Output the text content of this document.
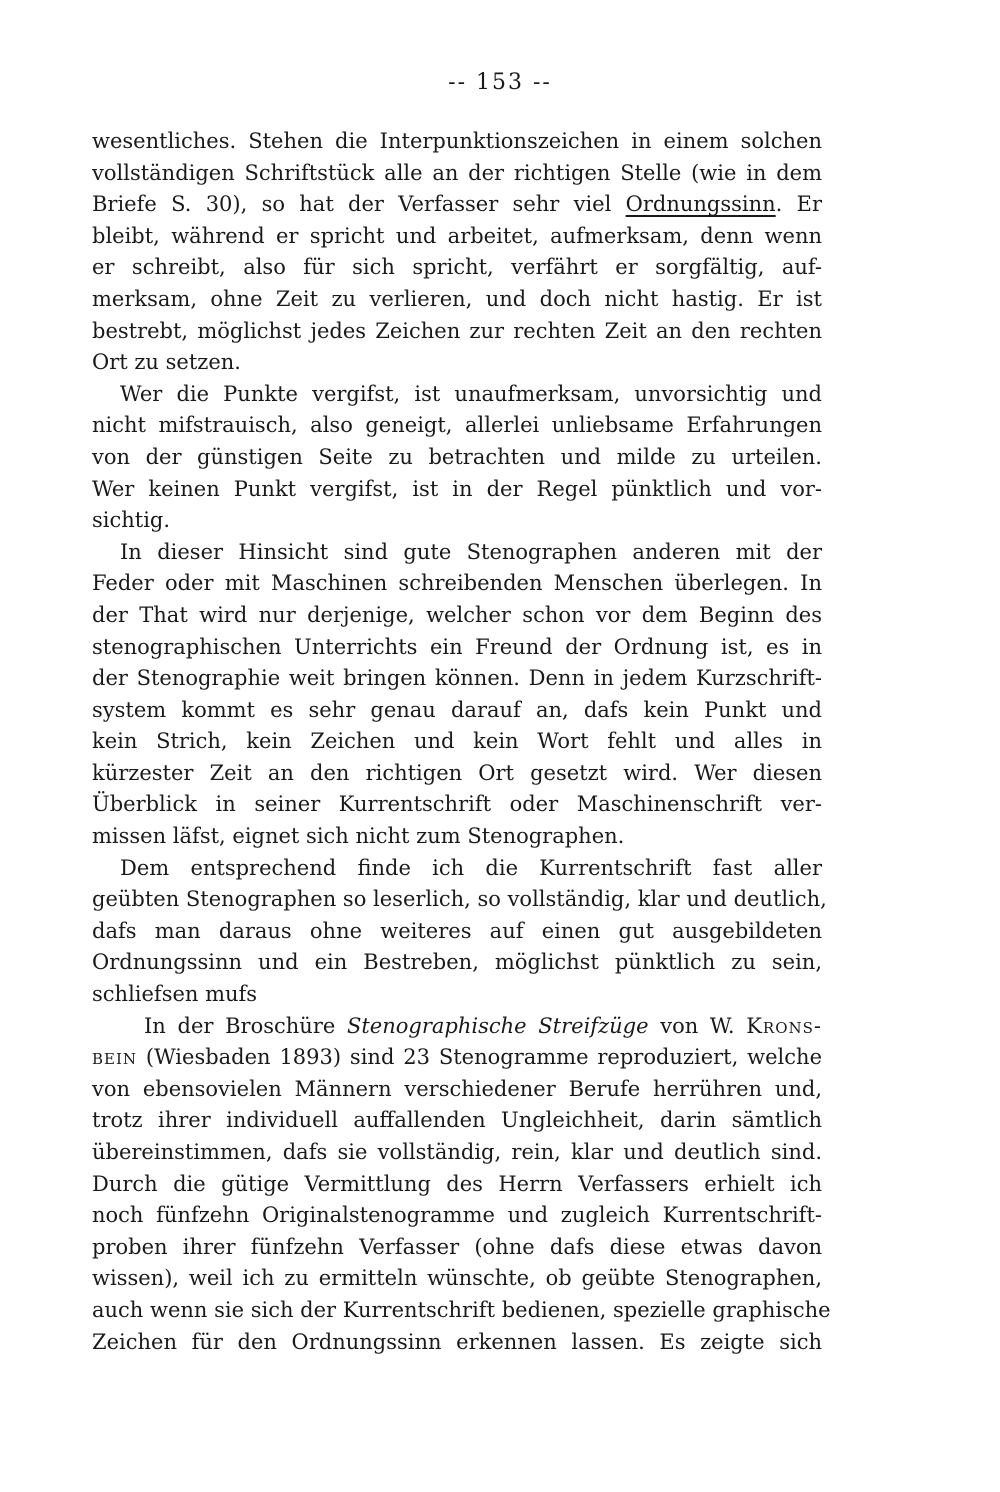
-- 153 --
wesentliches. Stehen die Interpunktionszeichen in einem solchen
vollständigen Schriftstück alle an der richtigen Stelle (wie in dem
Briefe S. 30), so hat der Verfasser sehr viel Ordnungssinn. Er
bleibt, während er spricht und arbeitet, aufmerksam, denn wenn
er schreibt, also für sich spricht, verfährt er sorgfältig, auf-
merksam, ohne Zeit zu verlieren, und doch nicht hastig. Er ist
bestrebt, möglichst jedes Zeichen zur rechten Zeit an den rechten
Ort zu setzen.
Wer die Punkte vergifst, ist unaufmerksam, unvorsichtig und
nicht mifstrauisch, also geneigt, allerlei unliebsame Erfahrungen
von der günstigen Seite zu betrachten und milde zu urteilen.
Wer keinen Punkt vergifst, ist in der Regel pünktlich und vor-
sichtig.
In dieser Hinsicht sind gute Stenographen anderen mit der
Feder oder mit Maschinen schreibenden Menschen überlegen. In
der That wird nur derjenige, welcher schon vor dem Beginn des
stenographischen Unterrichts ein Freund der Ordnung ist, es in
der Stenographie weit bringen können. Denn in jedem Kurzschrift-
system kommt es sehr genau darauf an, dafs kein Punkt und
kein Strich, kein Zeichen und kein Wort fehlt und alles in
kürzester Zeit an den richtigen Ort gesetzt wird. Wer diesen
Überblick in seiner Kurrentschrift oder Maschinenschrift ver-
missen läfst, eignet sich nicht zum Stenographen.
Dem entsprechend finde ich die Kurrentschrift fast aller
geübten Stenographen so leserlich, so vollständig, klar und deutlich,
dafs man daraus ohne weiteres auf einen gut ausgebildeten
Ordnungssinn und ein Bestreben, möglichst pünktlich zu sein,
schliefsen mufs
In der Broschüre Stenographische Streifzüge von W. Krons-
bein (Wiesbaden 1893) sind 23 Stenogramme reproduziert, welche
von ebensovielen Männern verschiedener Berufe herrühren und,
trotz ihrer individuell auffallenden Ungleichheit, darin sämtlich
übereinstimmen, dafs sie vollständig, rein, klar und deutlich sind.
Durch die gütige Vermittlung des Herrn Verfassers erhielt ich
noch fünfzehn Originalstenogramme und zugleich Kurrentschrift-
proben ihrer fünfzehn Verfasser (ohne dafs diese etwas davon
wissen), weil ich zu ermitteln wünschte, ob geübte Stenographen,
auch wenn sie sich der Kurrentschrift bedienen, spezielle graphische
Zeichen für den Ordnungssinn erkennen lassen. Es zeigte sich
